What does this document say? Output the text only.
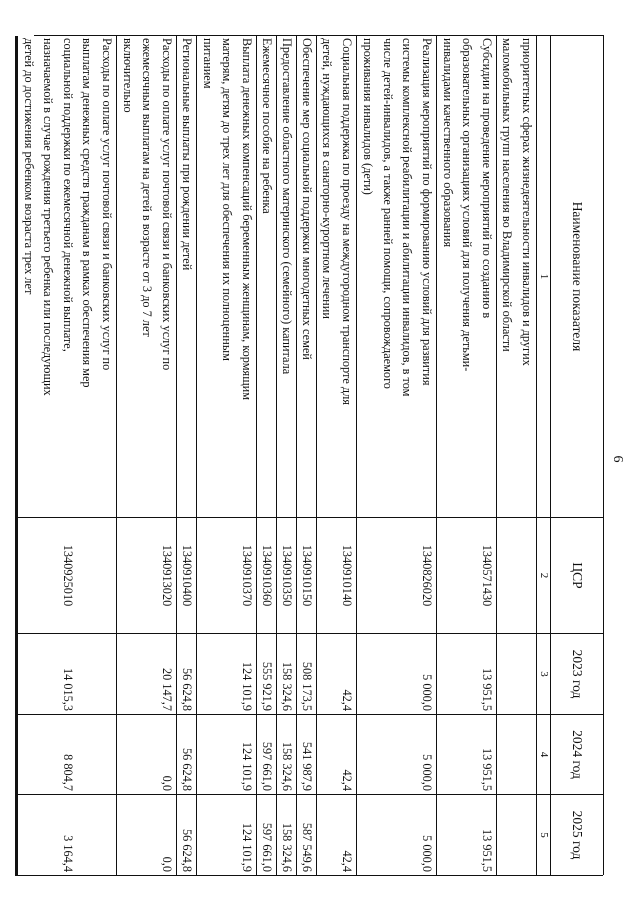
6
Наименование показателя
ЦСР
2023 год
2024 год
2025 год
1
2
3
4
5
приоритетных сферах жизнедеятельности инвалидов и других
маломобильных групп населения во Владимирской области
Субсидии на проведение мероприятий по созданию в
образовательных организациях условий для получения детьми-
инвалидами качественного образования
1340571430
13 951,5
13 951,5
13 951,5
Реализация мероприятий по формированию условий для развития
системы комплексной реабилитации и абилитации инвалидов, в том
числе детей-инвалидов, а также ранней помощи, сопровождаемого
проживания инвалидов (дети)
1340826020
5 000,0
5 000,0
5 000,0
Социальная поддержка по проезду на междугородном транспорте для
детей, нуждающихся в санаторно-курортном лечении
1340910140
42,4
42,4
42,4
Обеспечение мер социальной поддержки многодетных семей
1340910150
508 173,5
541 987,9
587 549,6
Предоставление областного материнского (семейного) капитала
1340910350
158 324,6
158 324,6
158 324,6
Ежемесячное пособие на ребенка
1340910360
555 921,9
597 661,0
597 661,0
Выплата денежных компенсаций беременным женщинам, кормящим
матерям, детям до трех лет для обеспечения их полноценным
питанием
1340910370
124 101,9
124 101,9
124 101,9
Региональные выплаты при рождении детей
1340910400
56 624,8
56 624,8
56 624,8
Расходы по оплате услуг почтовой связи и банковских услуг по
ежемесячным выплатам на детей в возрасте от 3 до 7 лет
включительно
1340913020
20 147,7
0,0
0,0
Расходы по оплате услуг почтовой связи и банковских услуг по
выплатам денежных средств гражданам в рамках обеспечения мер
социальной поддержки по ежемесячной денежной выплате,
назначаемой в случае рождения третьего ребенка или последующих
детей до достижения ребенком возраста трех лет
1340925010
14 015,3
8 804,7
3 164,4
